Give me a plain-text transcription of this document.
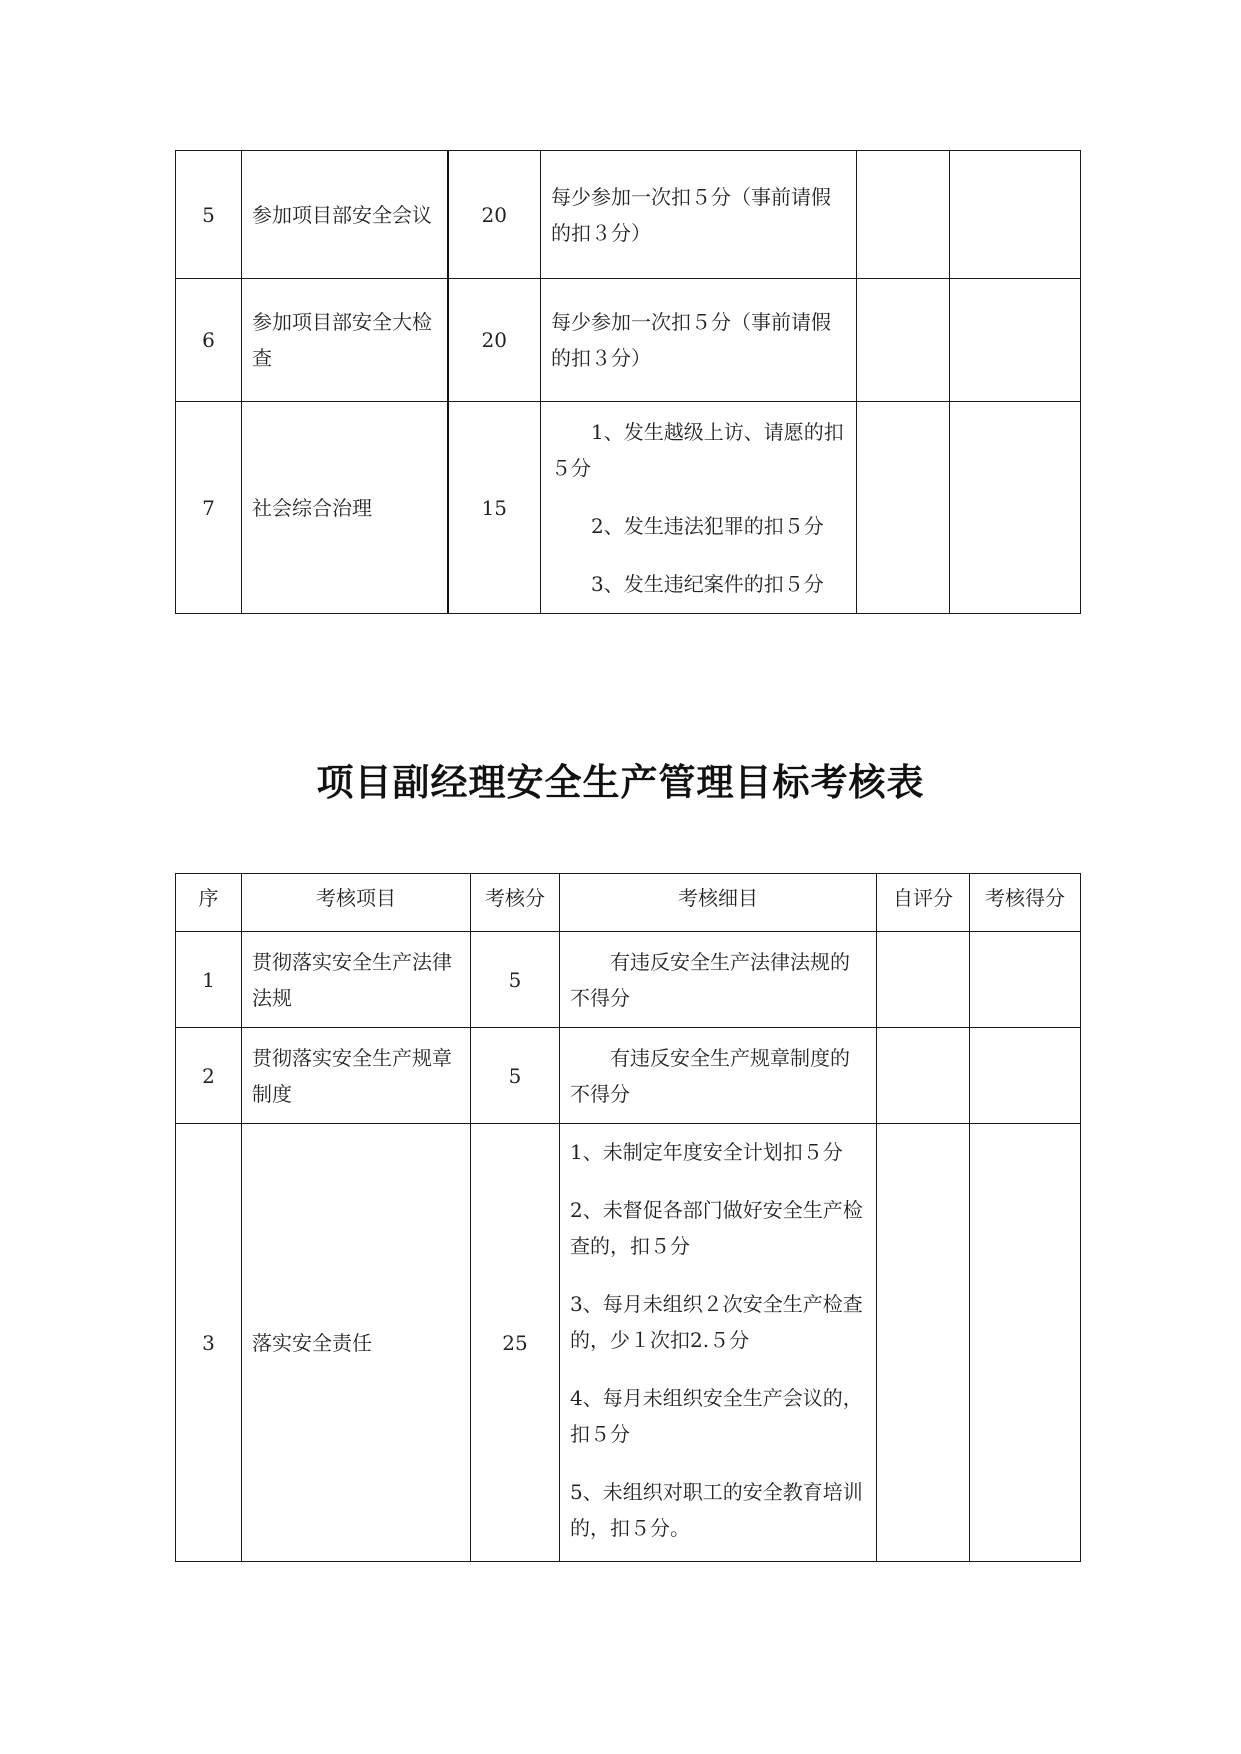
5	参加项目部安全会议	20	每少参加一次扣５分（事前请假的扣３分）		

6	参加项目部安全大检查	20	每少参加一次扣５分（事前请假的扣３分）		

7	社会综合治理	15	1、发生越级上访、请愿的扣５分
2、发生违法犯罪的扣５分
3、发生违纪案件的扣５分		

项目副经理安全生产管理目标考核表
序	考核项目	考核分	考核细目	自评分	考核得分
1	贯彻落实安全生产法律法规	5	有违反安全生产法律法规的不得分		

2	贯彻落实安全生产规章制度	5	有违反安全生产规章制度的不得分		

3	落实安全责任	25	1、未制定年度安全计划扣５分
2、未督促各部门做好安全生产检查的，扣５分
3、每月未组织２次安全生产检查的，少１次扣2.５分
4、每月未组织安全生产会议的，扣５分
5、未组织对职工的安全教育培训的，扣５分。		
